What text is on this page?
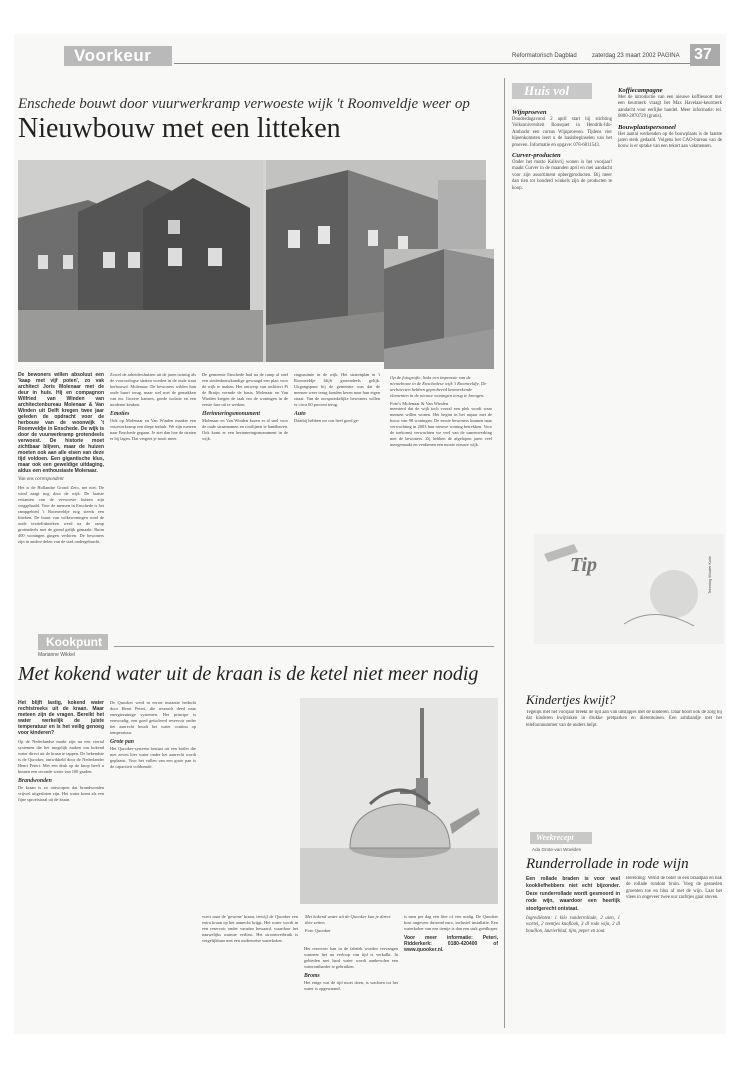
Voorkeur	Reformatorisch Dagblad	zaterdag 23 maart 2002 PAGINA 37
Enschede bouwt door vuurwerkramp verwoeste wijk 't Roomveldje weer op
Nieuwbouw met een litteken
De bewoners willen absoluut een 'kaap met vijf poten', zo vak architect Joris Molenaar met de deur in huis. Hij en compagnon Wilfried van Winden van architectenbureau Molenaar & Van Winden uit Delft kregen twee jaar geleden de opdracht voor de herbouw van de woonwijk 't Roomveldje in Enschede. De wijk is door de vuurwerkramp grotendeels verwoest. De historie moet zichtbaar blijven, maar de huizen moeten ook aan alle eisen van deze tijd voldoen. Een gigantische klus, maar ook een geweldige uitdaging, aldus een enthousiaste Molenaar.
Van ons correspondent
Het is de Hollandse Grond Zero, net niet. De wind zaagt nog door de wijk. De laatste restanten van de verwoeste huizen zijn weggehaald. Voor de mensen in Enschede is het rampgebied 't Roomveldje nog steeds een litteken. De buurt van volkswoningen rond de oude textielfabrieken werd na de ramp grotendeels met de grond gelijk gemaakt. Ruim 400 woningen gingen verloren. De bewoners zijn in andere delen van de stad ondergebracht.
Zowel de arbeidershuizen uit de jaren twintig als de vooroorlogse straten worden in de oude trant herbouwd. Molenaar: De bewoners wilden hun oude buurt terug, maar wel met de gemakken van nu. Grotere kamers, goede isolatie en een moderne keuken.
Emoties
Ook op Molenaar en Van Winden maakte een vuurwerkramp een diepe indruk. We zijn meteen naar Enschede gegaan. Je ziet dan hoe de straten er bij lagen. Dat vergeet je nooit meer.
De gemeente Enschede had na de ramp al snel een stedenbouwkundige gevraagd een plan voor de wijk te maken. Het ontwerp van architect Pi de Bruijn vormde de basis. Molenaar en Van Winden kregen de taak om de woningen in de eerste fase uit te werken.
Herinneringsmonument
Molenaar en Van Winden kozen er al snel voor de oude straatnamen en rooilijnen te handhaven. Ook komt er een herinneringsmonument in de wijk.
ringsruimte in de wijk. Het stratenplan in 't Roomveldje blijft grotendeels gelijk. Uitgangspunt bij de gemeente was dat de mensen weer terug konden keren naar hun eigen straat. Van de oorspronkelijke bewoners willen er circa 60 procent terug.
Auto
Daarbij hebben we ons heel goed ge-
Op de fotografie, links een impressie van de nieuwbouw in de Enschedese wijk 't Roomveldje. De architecten hebben geprobeerd kenmerkende elementen in de nieuwe woningen terug te brengen.
Foto's Molenaar & Van Winden
meesterd dat de wijk toch vooral een plek wordt waar mensen willen wonen. Het begint in het najaar met de bouw van 98 woningen. De eerste bewoners kunnen naar verwachting in 2003 hun nieuwe woning betrekken. Voor de toekomst verwachten we veel van de samenwerking met de bewoners. Zij hebben de afgelopen jaren veel meegemaakt en verdienen een mooie nieuwe wijk.
Huis vol
Wijnproeven
Donderdagavond 2 april start bij stichting Volksuniversiteit Bousquet in Hendrik-Ido-Ambacht een cursus Wijnproeven. Tijdens vier bijeenkomsten leert u de basisbeginselen van het proeven. Informatie en opgave: 078-6811543.
Curver-producten
Onder het motto Kalkvrij wonen is het voorjaar! maakt Curver in de maanden april en mei aandacht voor zijn assortiment opbergproducten. Bij meer dan tien tot honderd winkels zijn de producten te koop.
Koffiecampagne
Met de introductie van een nieuwe koffiesoort met een keurmerk vraagt het Max Havelaar-keurmerk aandacht voor eerlijke handel. Meer informatie: tel. 0800-2870729 (gratis).
Bouwplaatspersoneel
Het aantal werkenden op de bouwplaats is de laatste jaren sterk gedaald. Volgens het CAO-bureau van de bouw is er sprake van een tekort aan vakmensen.
Tip	Tekening Wouter Kolm
Kookpunt
Marianne Wikkel
Met kokend water uit de kraan is de ketel niet meer nodig
Het blijft lastig, kokend water rechtstreeks uit de kraan. Maar meteen zijn de vragen. Bereikt het water werkelijk de juiste temperatuur en is het veilig genoeg voor kinderen?
Op de Nederlandse markt zijn nu een viertal systemen die het mogelijk maken om kokend water direct uit de kraan te tappen. De bekendste is de Quooker, ontwikkeld door de Nederlander Henri Peteri. Met een druk op de knop heeft u binnen een seconde water van 100 graden.
Brandwonden
De kraan is zo ontworpen dat brandwonden vrijwel uitgesloten zijn. Het water komt als een fijne sproeistraal uit de kraan.
De Quooker werd in eerste instantie bedacht door Henri Peteri, die research deed naar energiezuinige systemen. Het principe is eenvoudig: een goed geïsoleerd reservoir onder het aanrecht houdt het water continu op temperatuur.
Grote pan
Het Quooker-systeem bestaat uit een boiler die met zeven liter water onder het aanrecht wordt geplaatst. Voor het vullen van een grote pan is de capaciteit voldoende.
Met kokend water uit de Quooker kun je direct thee zetten.
Foto Quooker
voert naar de 'gewone' kraan, terwijl de Quooker een extra kraan op het aanrecht krijgt. Het water wordt in een reservoir onder vacuüm bewaard, waardoor het nauwelijks warmte verliest. Het stroomverbruik is vergelijkbaar met een ouderwetse waterkoker.
Het reservoir kan in de fabriek worden vervangen wanneer het na verloop van tijd is verkalkt. In gebieden met hard water wordt aanbevolen een waterontharder te gebruiken.
Broms
Het enige wat de tijd moet doen, is wachten tot het water is opgewarmd.
is men per dag een liter of vier nodig. De Quooker kost ongeveer duizend euro, inclusief installatie. Een waterkoker van een tientje is dan een stuk goedkoper.
Voor meer informatie: Peteri, Ridderkerk: 0180-420400 of www.quooker.nl.
Kindertjes kwijt?
Tegelijk met het voorjaar breekt de tijd aan van uitstapjes met de kinderen. Daar hoort ook de zorg bij dat kinderen kwijtraken in drukke pretparken en dierentuinen. Een armbandje met het telefoonnummer van de ouders helpt.
Weekrecept
Ada Grote-van Woelden
Runderrollade in rode wijn
Een rollade braden is voor veel kookliefhebbers niet echt bijzonder. Deze runderrollade wordt gesmoord in rode wijn, waardoor een heerlijk stoofgerecht ontstaat.
Ingrediënten: 1 kilo runderrollade, 2 uien, 1 wortel, 2 teentjes knoflook, 3 dl rode wijn, 2 dl bouillon, laurierblad, tijm, peper en zout.
Bereiding: Verhit de boter in een braadpan en bak de rollade rondom bruin. Voeg de gesneden groenten toe en blus af met de wijn. Laat het vlees in ongeveer twee uur zachtjes gaar stoven.
